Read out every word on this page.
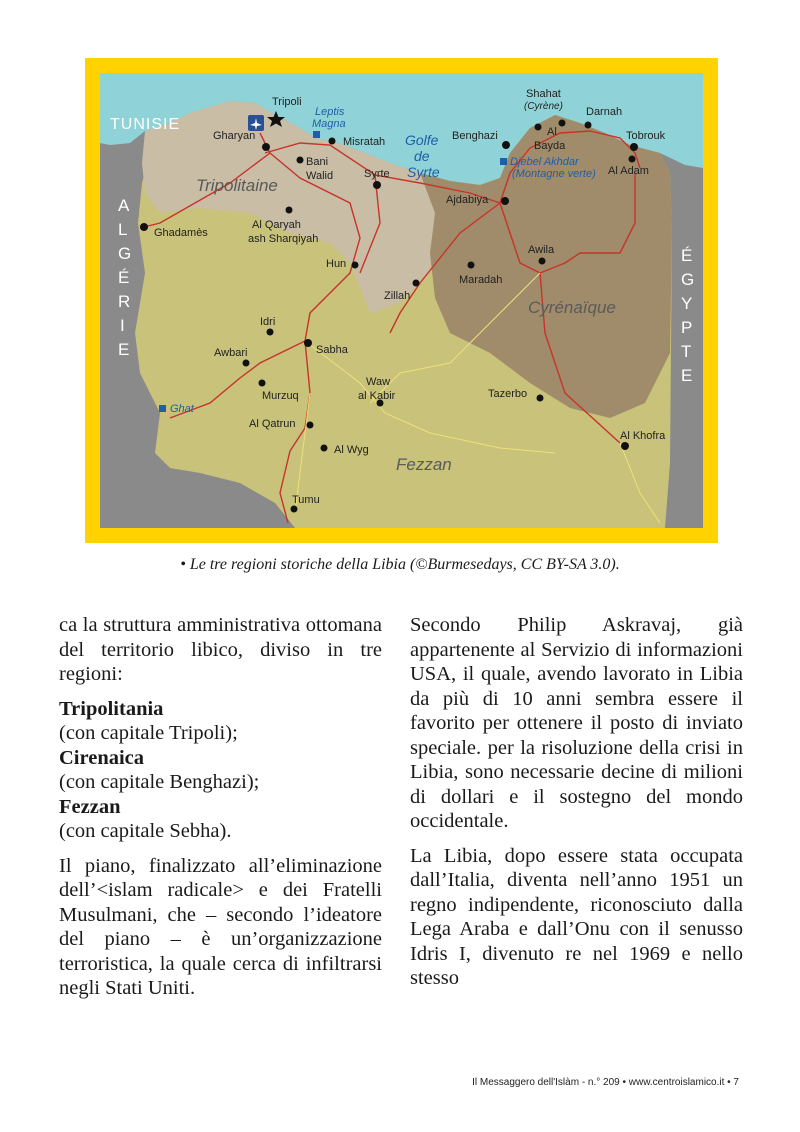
TUNISIE
A
L
G
É
R
I
E
É
G
Y
P
T
E
Tripolitaine
Cyrénaïque
Fezzan
Golfe
de
Syrte
Leptis
Magna
Djebel Akhdar
(Montagne verte)
Ghat
Tripoli
Gharyan	Misratah
Bani
Walid	Syrte
Benghazi
Shahat
(Cyrène) Darnah
Al
Bayda
Tobrouk
Al Adam
Ajdabiya
Ghadamès
Al Qaryah
ash Sharqiyah
Hun
Zillah
Maradah
Awila
Idri
Awbari	Sabha
Murzuq
Waw
al Kabir	Tazerbo
Al Qatrun
Al Wyg
Al Khofra
Tumu
• Le tre regioni storiche della Libia (©Burmesedays, CC BY-SA 3.0).

ca la struttura amministrativa ottomana del territorio libico, diviso in tre regioni:

Tripolitania
(con capitale Tripoli);
Cirenaica
(con capitale Benghazi);
Fezzan
(con capitale Sebha).

Il piano, finalizzato all’eliminazione dell’<islam radicale> e dei Fratelli Musulmani, che – secondo l’ideatore del piano – è un’organizzazione terroristica, la quale cerca di infiltrarsi negli Stati Uniti.

Secondo Philip Askravaj, già appartenente al Servizio di informazioni USA, il quale, avendo lavorato in Libia da più di 10 anni sembra essere il favorito per ottenere il posto di inviato speciale. per la risoluzione della crisi in Libia, sono necessarie decine di milioni di dollari e il sostegno del mondo occidentale.

La Libia, dopo essere stata occupata dall’Italia, diventa nell’anno 1951 un regno indipendente, riconosciuto dalla Lega Araba e dall’Onu con il senusso Idris I, divenuto re nel 1969 e nello stesso

Il Messaggero dell'Islàm - n.° 209 • www.centroislamico.it • 7
